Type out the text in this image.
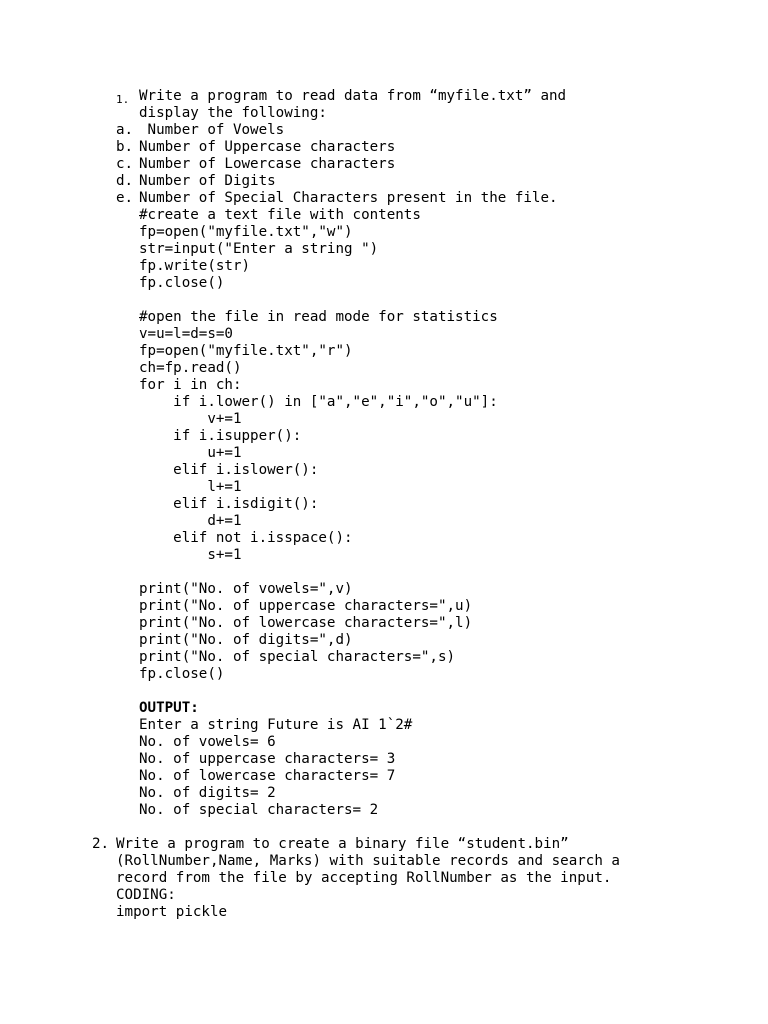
1. Write a program to read data from “myfile.txt” and
display the following:
a. Number of Vowels
b. Number of Uppercase characters
c. Number of Lowercase characters
d. Number of Digits
e. Number of Special Characters present in the file.
#create a text file with contents
fp=open("myfile.txt","w")
str=input("Enter a string ")
fp.write(str)
fp.close()
#open the file in read mode for statistics
v=u=l=d=s=0
fp=open("myfile.txt","r")
ch=fp.read()
for i in ch:
if i.lower() in ["a","e","i","o","u"]:
v+=1
if i.isupper():
u+=1
elif i.islower():
l+=1
elif i.isdigit():
d+=1
elif not i.isspace():
s+=1
print("No. of vowels=",v)
print("No. of uppercase characters=",u)
print("No. of lowercase characters=",l)
print("No. of digits=",d)
print("No. of special characters=",s)
fp.close()
OUTPUT:
Enter a string Future is AI 1`2#
No. of vowels= 6
No. of uppercase characters= 3
No. of lowercase characters= 7
No. of digits= 2
No. of special characters= 2
2. Write a program to create a binary file “student.bin”
(RollNumber,Name, Marks) with suitable records and search a
record from the file by accepting RollNumber as the input.
CODING:
import pickle
